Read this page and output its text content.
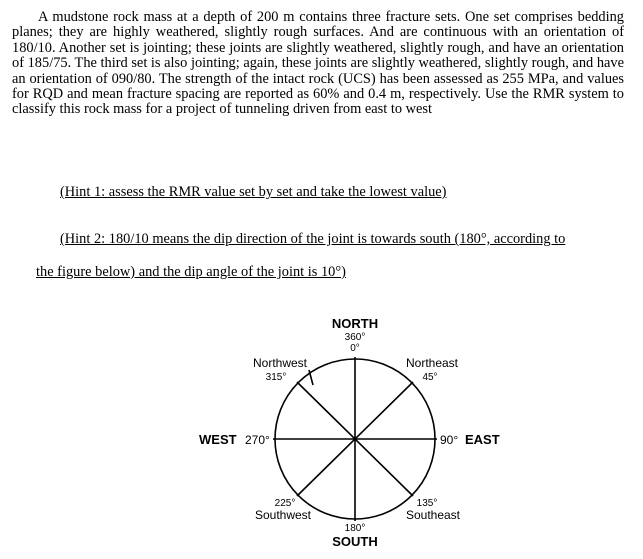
A mudstone rock mass at a depth of 200 m contains three fracture sets. One set comprises bedding planes; they are highly weathered, slightly rough surfaces. And are continuous with an orientation of 180/10. Another set is jointing; these joints are slightly weathered, slightly rough, and have an orientation of 185/75. The third set is also jointing; again, these joints are slightly weathered, slightly rough, and have an orientation of 090/80. The strength of the intact rock (UCS) has been assessed as 255 MPa, and values for RQD and mean fracture spacing are reported as 60% and 0.4 m, respectively. Use the RMR system to classify this rock mass for a project of tunneling driven from east to west

(Hint 1: assess the RMR value set by set and take the lowest value)

(Hint 2: 180/10 means the dip direction of the joint is towards south (180°, according to

the figure below) and the dip angle of the joint is 10°)

NORTH
360°
0°
Northwest
315°
Northeast
45°
WEST 270°	90° EAST
225°
Southwest
135°
Southeast
180°
SOUTH
